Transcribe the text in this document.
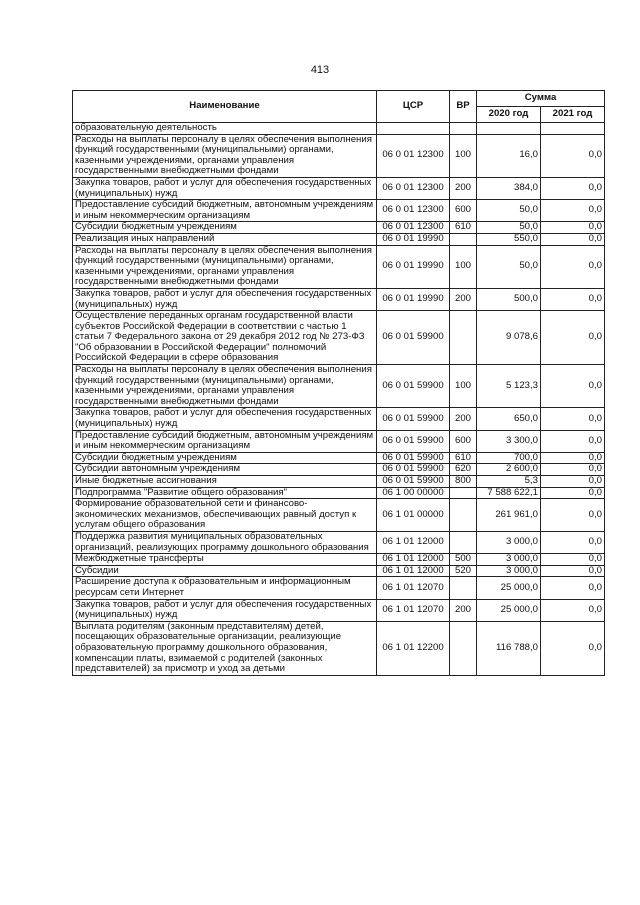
413
Наименование	ЦСР	ВР	Сумма	
			2020 год	2021 год
образовательную деятельность				
Расходы на выплаты персоналу в целях обеспечения выполнения функций государственными (муниципальными) органами, казенными учреждениями, органами управления государственными внебюджетными фондами	06 0 01 12300	100	16,0	0,0
Закупка товаров, работ и услуг для обеспечения государственных (муниципальных) нужд	06 0 01 12300	200	384,0	0,0
Предоставление субсидий бюджетным, автономным учреждениям и иным некоммерческим организациям	06 0 01 12300	600	50,0	0,0
Субсидии бюджетным учреждениям	06 0 01 12300	610	50,0	0,0
Реализация иных направлений	06 0 01 19990		550,0	0,0
Расходы на выплаты персоналу в целях обеспечения выполнения функций государственными (муниципальными) органами, казенными учреждениями, органами управления государственными внебюджетными фондами	06 0 01 19990	100	50,0	0,0
Закупка товаров, работ и услуг для обеспечения государственных (муниципальных) нужд	06 0 01 19990	200	500,0	0,0
Осуществление переданных органам государственной власти субъектов Российской Федерации в соответствии с частью 1 статьи 7 Федерального закона от 29 декабря 2012 год № 273-ФЗ "Об образовании в Российской Федерации" полномочий Российской Федерации в сфере образования	06 0 01 59900		9 078,6	0,0
Расходы на выплаты персоналу в целях обеспечения выполнения функций государственными (муниципальными) органами, казенными учреждениями, органами управления государственными внебюджетными фондами	06 0 01 59900	100	5 123,3	0,0
Закупка товаров, работ и услуг для обеспечения государственных (муниципальных) нужд	06 0 01 59900	200	650,0	0,0
Предоставление субсидий бюджетным, автономным учреждениям и иным некоммерческим организациям	06 0 01 59900	600	3 300,0	0,0
Субсидии бюджетным учреждениям	06 0 01 59900	610	700,0	0,0
Субсидии автономным учреждениям	06 0 01 59900	620	2 600,0	0,0
Иные бюджетные ассигнования	06 0 01 59900	800	5,3	0,0
Подпрограмма "Развитие общего образования"	06 1 00 00000		7 588 622,1	0,0
Формирование образовательной сети и финансово-экономических механизмов, обеспечивающих равный доступ к услугам общего образования	06 1 01 00000		261 961,0	0,0
Поддержка развития муниципальных образовательных организаций, реализующих программу дошкольного образования	06 1 01 12000		3 000,0	0,0
Межбюджетные трансферты	06 1 01 12000	500	3 000,0	0,0
Субсидии	06 1 01 12000	520	3 000,0	0,0
Расширение доступа к образовательным и информационным ресурсам сети Интернет	06 1 01 12070		25 000,0	0,0
Закупка товаров, работ и услуг для обеспечения государственных (муниципальных) нужд	06 1 01 12070	200	25 000,0	0,0
Выплата родителям (законным представителям) детей, посещающих образовательные организации, реализующие образовательную программу дошкольного образования, компенсации платы, взимаемой с родителей (законных представителей) за присмотр и уход за детьми	06 1 01 12200		116 788,0	0,0
